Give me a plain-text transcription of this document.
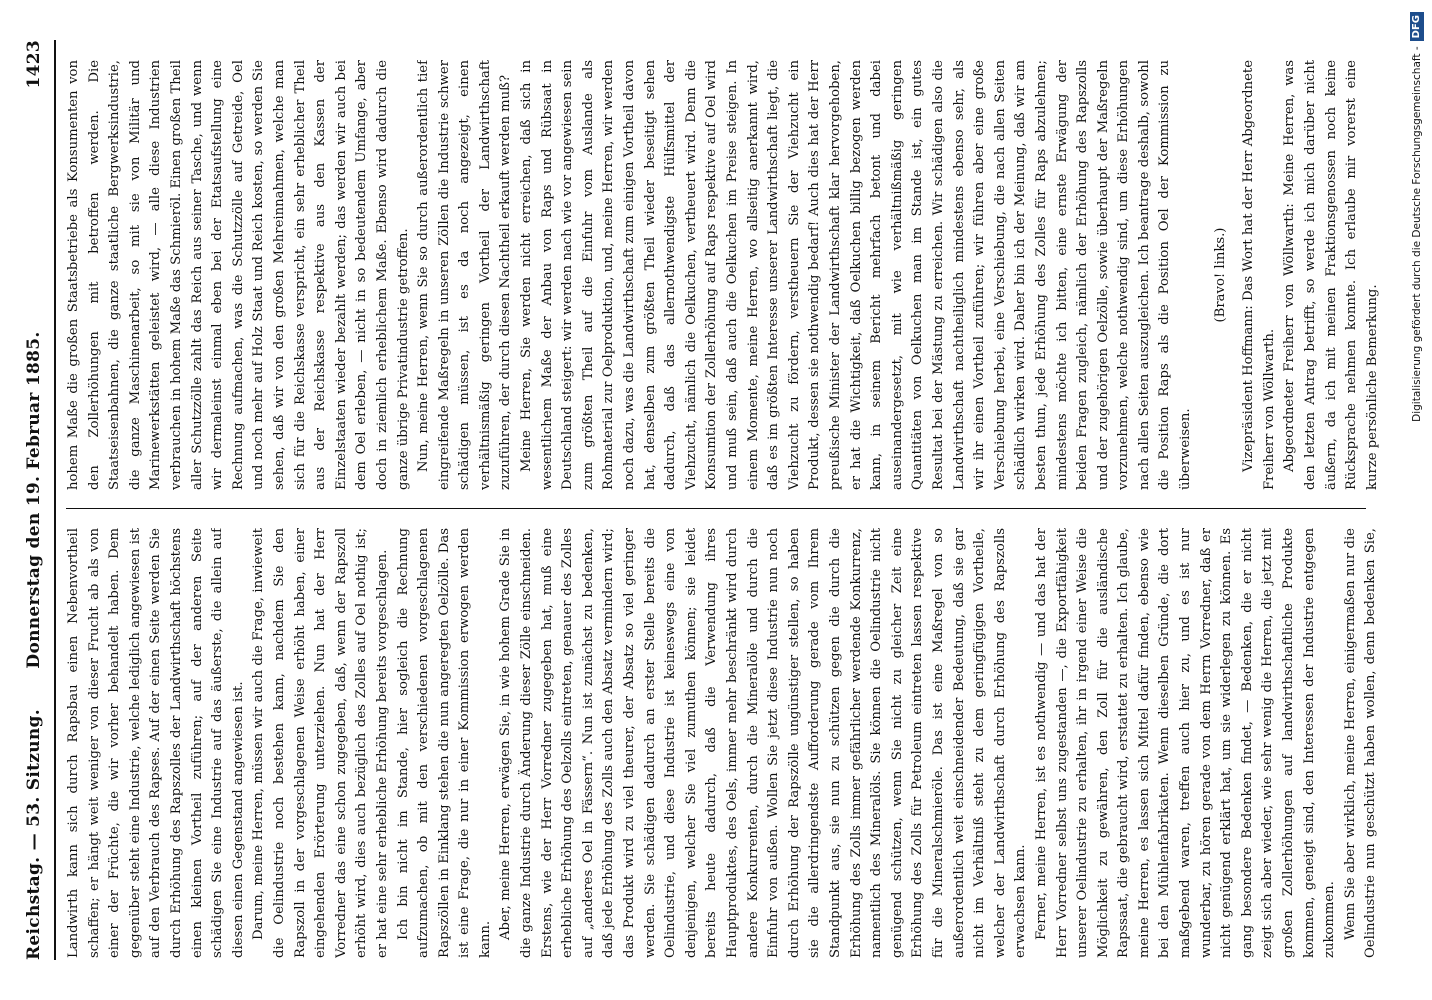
Reichstag. — 53. Sitzung.
Donnerstag den 19. Februar 1885.
1423

Landwirth kann sich durch Rapsbau einen Nebenvortheil schaffen; er hängt weit weniger von dieser Frucht ab als von einer der Früchte, die wir vorher behandelt haben. Dem gegenüber steht eine Industrie, welche lediglich angewiesen ist auf den Verbrauch des Rapses. Auf der einen Seite werden Sie durch Erhöhung des Rapszolles der Landwirthschaft höchstens einen kleinen Vortheil zuführen; auf der anderen Seite schädigen Sie eine Industrie auf das äußerste, die allein auf diesen einen Gegenstand angewiesen ist. Darum, meine Herren, müssen wir auch die Frage, inwieweit die Oelindustrie noch bestehen kann, nachdem Sie den Rapszoll in der vorgeschlagenen Weise erhöht haben, einer eingehenden Erörterung unterziehen. Nun hat der Herr Vorredner das eine schon zugegeben, daß, wenn der Rapszoll erhöht wird, dies auch bezüglich des Zolles auf Oel nothig ist; er hat eine sehr erhebliche Erhöhung bereits vorgeschlagen. Ich bin nicht im Stande, hier sogleich die Rechnung aufzumachen, ob mit den verschiedenen vorgeschlagenen Rapszöllen in Einklang stehen die nun angeregten Oelzölle. Das ist eine Frage, die nur in einer Kommission erwogen werden kann. Aber, meine Herren, erwägen Sie, in wie hohem Grade Sie in die ganze Industrie durch Änderung dieser Zölle einschneiden. Erstens, wie der Herr Vorredner zugegeben hat, muß eine erhebliche Erhöhung des Oelzolls eintreten, genauer des Zolles auf „anderes Oel in Fässern“. Nun ist zunächst zu bedenken, daß jede Erhöhung des Zolls auch den Absatz vermindern wird; das Produkt wird zu viel theurer, der Absatz so viel geringer werden. Sie schädigen dadurch an erster Stelle bereits die Oelindustrie, und diese Industrie ist keineswegs eine von denjenigen, welcher Sie viel zumuthen können; sie leidet bereits heute dadurch, daß die Verwendung ihres Hauptproduktes, des Oels, immer mehr beschränkt wird durch andere Konkurrenten, durch die Mineralöle und durch die Einfuhr von außen. Wollen Sie jetzt diese Industrie nun noch durch Erhöhung der Rapszölle ungünstiger stellen, so haben sie die allerdringendste Aufforderung gerade vom Ihrem Standpunkt aus, sie nun zu schützen gegen die durch die Erhöhung des Zolls immer gefährlicher werdende Konkurrenz, namentlich des Mineralöls. Sie können die Oelindustrie nicht genügend schützen, wenn Sie nicht zu gleicher Zeit eine Erhöhung des Zolls für Petroleum eintreten lassen respektive für die Mineralschmieröle. Das ist eine Maßregel von so außerordentlich weit einschneidender Bedeutung, daß sie gar nicht im Verhältniß steht zu dem geringfügigen Vortheile, welcher der Landwirthschaft durch Erhöhung des Rapszolls erwachsen kann. Ferner, meine Herren, ist es nothwendig — und das hat der Herr Vorredner selbst uns zugestanden —, die Exportfähigkeit unserer Oelindustrie zu erhalten, ihr in irgend einer Weise die Möglichkeit zu gewähren, den Zoll für die ausländische Rapssaat, die gebraucht wird, erstattet zu erhalten. Ich glaube, meine Herren, es lassen sich Mittel dafür finden, ebenso wie bei den Mühlenfabrikaten. Wenn dieselben Gründe, die dort maßgebend waren, treffen auch hier zu, und es ist nur wunderbar, zu hören gerade von dem Herrn Vorredner, daß er nicht genügend erklärt hat, um sie widerlegen zu können. Es gang besondere Bedenken findet, — Bedenken, die er nicht zeigt sich aber wieder, wie sehr wenig die Herren, die jetzt mit großen Zollerhöhungen auf landwirthschaftliche Produkte kommen, geneigt sind, den Interessen der Industrie entgegen zukommen. Wenn Sie aber wirklich, meine Herren, einigermaßen nur die Oelindustrie nun geschützt haben wollen, denn bedenken Sie,

hohem Maße die großen Staatsbetriebe als Konsumenten von den Zollerhöhungen mit betroffen werden. Die Staatseisenbahnen, die ganze staatliche Bergwerksindustrie, die ganze Maschinenarbeit, so mit sie von Militär und Marinewerkstätten geleistet wird, — alle diese Industrien verbrauchen in hohem Maße das Schmieröl. Einen großen Theil aller Schutzzölle zahlt das Reich aus seiner Tasche, und wenn wir dermaleinst einmal eben bei der Etatsaufstellung eine Rechnung aufmachen, was die Schutzzölle auf Getreide, Oel und noch mehr auf Holz Staat und Reich kosten, so werden Sie sehen, daß wir von den großen Mehreinnahmen, welche man sich für die Reichskasse verspricht, ein sehr erheblicher Theil aus der Reichskasse respektive aus den Kassen der Einzelstaaten wieder bezahlt werden; das werden wir auch bei dem Oel erleben, — nicht in so bedeutendem Umfange, aber doch in ziemlich erheblichem Maße. Ebenso wird dadurch die ganze übrige Privatindustrie getroffen. Nun, meine Herren, wenn Sie so durch außerordentlich tief eingreifende Maßregeln in unseren Zöllen die Industrie schwer schädigen müssen, ist es da noch angezeigt, einen verhältnismäßig geringen Vortheil der Landwirthschaft zuzuführen, der durch diesen Nachtheil erkauft werden muß? Meine Herren, Sie werden nicht erreichen, daß sich in wesentlichem Maße der Anbau von Raps und Rübsaat in Deutschland steigert: wir werden nach wie vor angewiesen sein zum größten Theil auf die Einfuhr vom Auslande als Rohmaterial zur Oelproduktion, und, meine Herren, wir werden noch dazu, was die Landwirthschaft zum einigen Vortheil davon hat, denselben zum größten Theil wieder beseitigt sehen dadurch, daß das allernothwendigste Hülfsmittel der Viehzucht, nämlich die Oelkuchen, vertheuert wird. Denn die Konsumtion der Zollerhöhung auf Raps respektive auf Oel wird und muß sein, daß auch die Oelkuchen im Preise steigen. In einem Momente, meine Herren, wo allseitig anerkannt wird, daß es im größten Interesse unserer Landwirthschaft liegt, die Viehzucht zu fördern, verstheuern Sie der Viehzucht ein Produkt, dessen sie nothwendig bedarf! Auch dies hat der Herr preußische Minister der Landwirthschaft klar hervorgehoben, er hat die Wichtigkeit, daß Oelkuchen billig bezogen werden kann, in seinem Bericht mehrfach betont und dabei auseinandergesetzt, mit wie verhältnißmäßig geringen Quantitäten von Oelkuchen man im Stande ist, ein gutes Resultat bei der Mästung zu erreichen. Wir schädigen also die Landwirthschaft nachtheiliglich mindestens ebenso sehr, als wir ihr einen Vortheil zuführen; wir führen aber eine große Verschiebung herbei, eine Verschiebung, die nach allen Seiten schädlich wirken wird. Daher bin ich der Meinung, daß wir am besten thun, jede Erhöhung des Zolles für Raps abzulehnen; mindestens möchte ich bitten, eine ernste Erwägung der beiden Fragen zugleich, nämlich der Erhöhung des Rapszolls und der zugehörigen Oelzölle, sowie überhaupt der Maßregeln vorzunehmen, welche nothwendig sind, um diese Erhöhungen nach allen Seiten auszugleichen. Ich beantrage deshalb, sowohl die Position Raps als die Position Oel der Kommission zu überweisen.

(Bravo! links.) Vizepräsident Hoffmann: Das Wort hat der Herr Abgeordnete Freiherr von Wöllwarth. Abgeordneter Freiherr von Wöllwarth: Meine Herren, was den letzten Antrag betrifft, so werde ich mich darüber nicht äußern, da ich mit meinen Fraktionsgenossen noch keine Rücksprache nehmen konnte. Ich erlaube mir vorerst eine kurze persönliche Bemerkung.	Digitalisierung gefördert durch die Deutsche Forschungsgemeinschaft -DFG
